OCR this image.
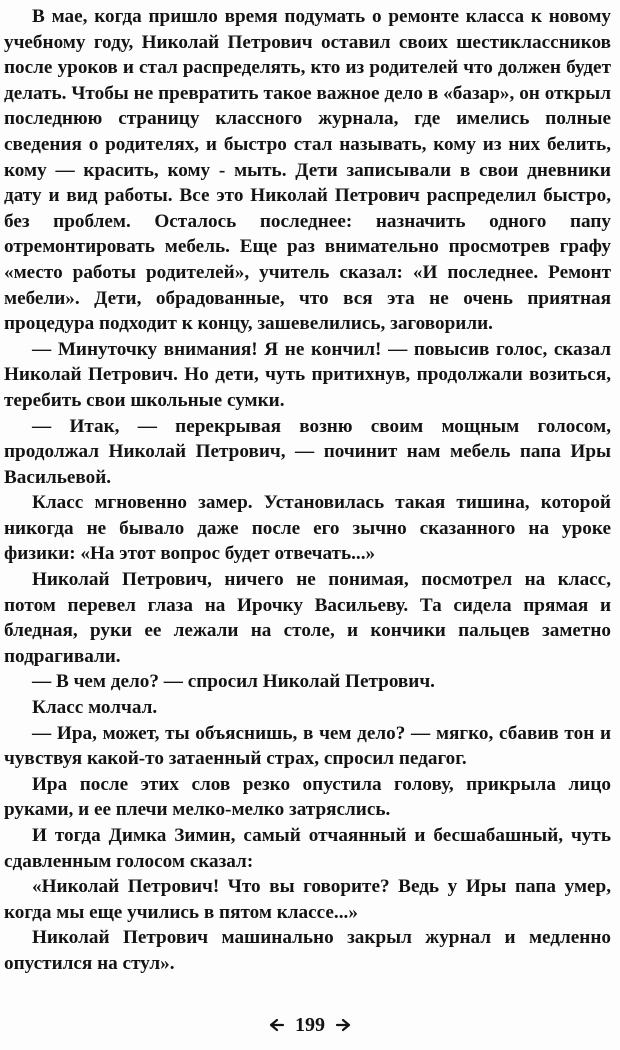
В мае, когда пришло время подумать о ремонте класса к новому учебному году, Николай Петрович оставил своих шестиклассников после уроков и стал распределять, кто из родителей что должен будет делать. Чтобы не превратить такое важное дело в «базар», он открыл последнюю страницу классного журнала, где имелись полные сведения о родителях, и быстро стал называть, кому из них белить, кому — красить, кому - мыть. Дети записывали в свои дневники дату и вид работы. Все это Николай Петрович распределил быстро, без проблем. Осталось последнее: назначить одного папу отремонтировать мебель. Еще раз внимательно просмотрев графу «место работы родителей», учитель сказал: «И последнее. Ремонт мебели». Дети, обрадованные, что вся эта не очень приятная процедура подходит к концу, зашевелились, заговорили.

— Минуточку внимания! Я не кончил! — повысив голос, сказал Николай Петрович. Но дети, чуть притихнув, продолжали возиться, теребить свои школьные сумки.

— Итак, — перекрывая возню своим мощным голосом, продолжал Николай Петрович, — починит нам мебель папа Иры Васильевой.

Класс мгновенно замер. Установилась такая тишина, которой никогда не бывало даже после его зычно сказанного на уроке физики: «На этот вопрос будет отвечать...»

Николай Петрович, ничего не понимая, посмотрел на класс, потом перевел глаза на Ирочку Васильеву. Та сидела прямая и бледная, руки ее лежали на столе, и кончики пальцев заметно подрагивали.

— В чем дело? — спросил Николай Петрович.

Класс молчал.

— Ира, может, ты объяснишь, в чем дело? — мягко, сбавив тон и чувствуя какой-то затаенный страх, спросил педагог.

Ира после этих слов резко опустила голову, прикрыла лицо руками, и ее плечи мелко-мелко затряслись.

И тогда Димка Зимин, самый отчаянный и бесшабашный, чуть сдавленным голосом сказал:

«Николай Петрович! Что вы говорите? Ведь у Иры папа умер, когда мы еще учились в пятом классе...»

Николай Петрович машинально закрыл журнал и медленно опустился на стул».

199
